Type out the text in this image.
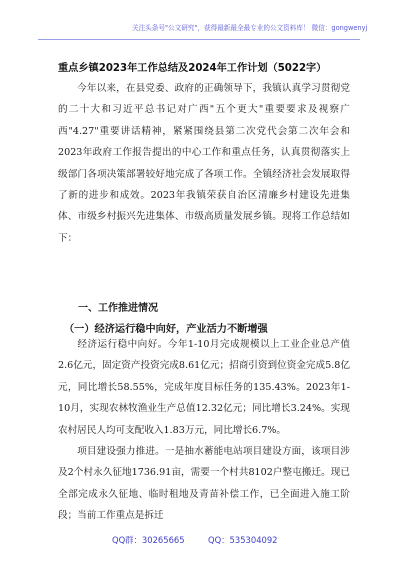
关注头条号"公文研究"，获得最新最全最专业的公文资料库！ 微信：gongwenyj
重点乡镇2023年工作总结及2024年工作计划（5022字）

今年以来，在县党委、政府的正确领导下，我镇认真学习贯彻党的二十大和习近平总书记对广西"五个更大"重要要求及视察广西"4.27"重要讲话精神，紧紧围绕县第二次党代会第二次年会和2023年政府工作报告提出的中心工作和重点任务，认真贯彻落实上级部门各项决策部署较好地完成了各项工作。全镇经济社会发展取得了新的进步和成效。2023年我镇荣获自治区清廉乡村建设先进集体、市级乡村振兴先进集体、市级高质量发展乡镇。现将工作总结如下：

一、工作推进情况
（一）经济运行稳中向好，产业活力不断增强

经济运行稳中向好。今年1-10月完成规模以上工业企业总产值2.6亿元，固定资产投资完成8.61亿元；招商引资到位资金完成5.8亿元，同比增长58.55%，完成年度目标任务的135.43%。2023年1-10月，实现农林牧渔业生产总值12.32亿元；同比增长3.24%。实现农村居民人均可支配收入1.83万元，同比增长6.7%。

项目建设强力推进。一是抽水蓄能电站项目建设方面，该项目涉及2个村永久征地1736.91亩，需要一个村共8102户整屯搬迁。现已全部完成永久征地、临时租地及青苗补偿工作，已全面进入施工阶段；当前工作重点是拆迁

QQ群：30265665	QQ：535304092
